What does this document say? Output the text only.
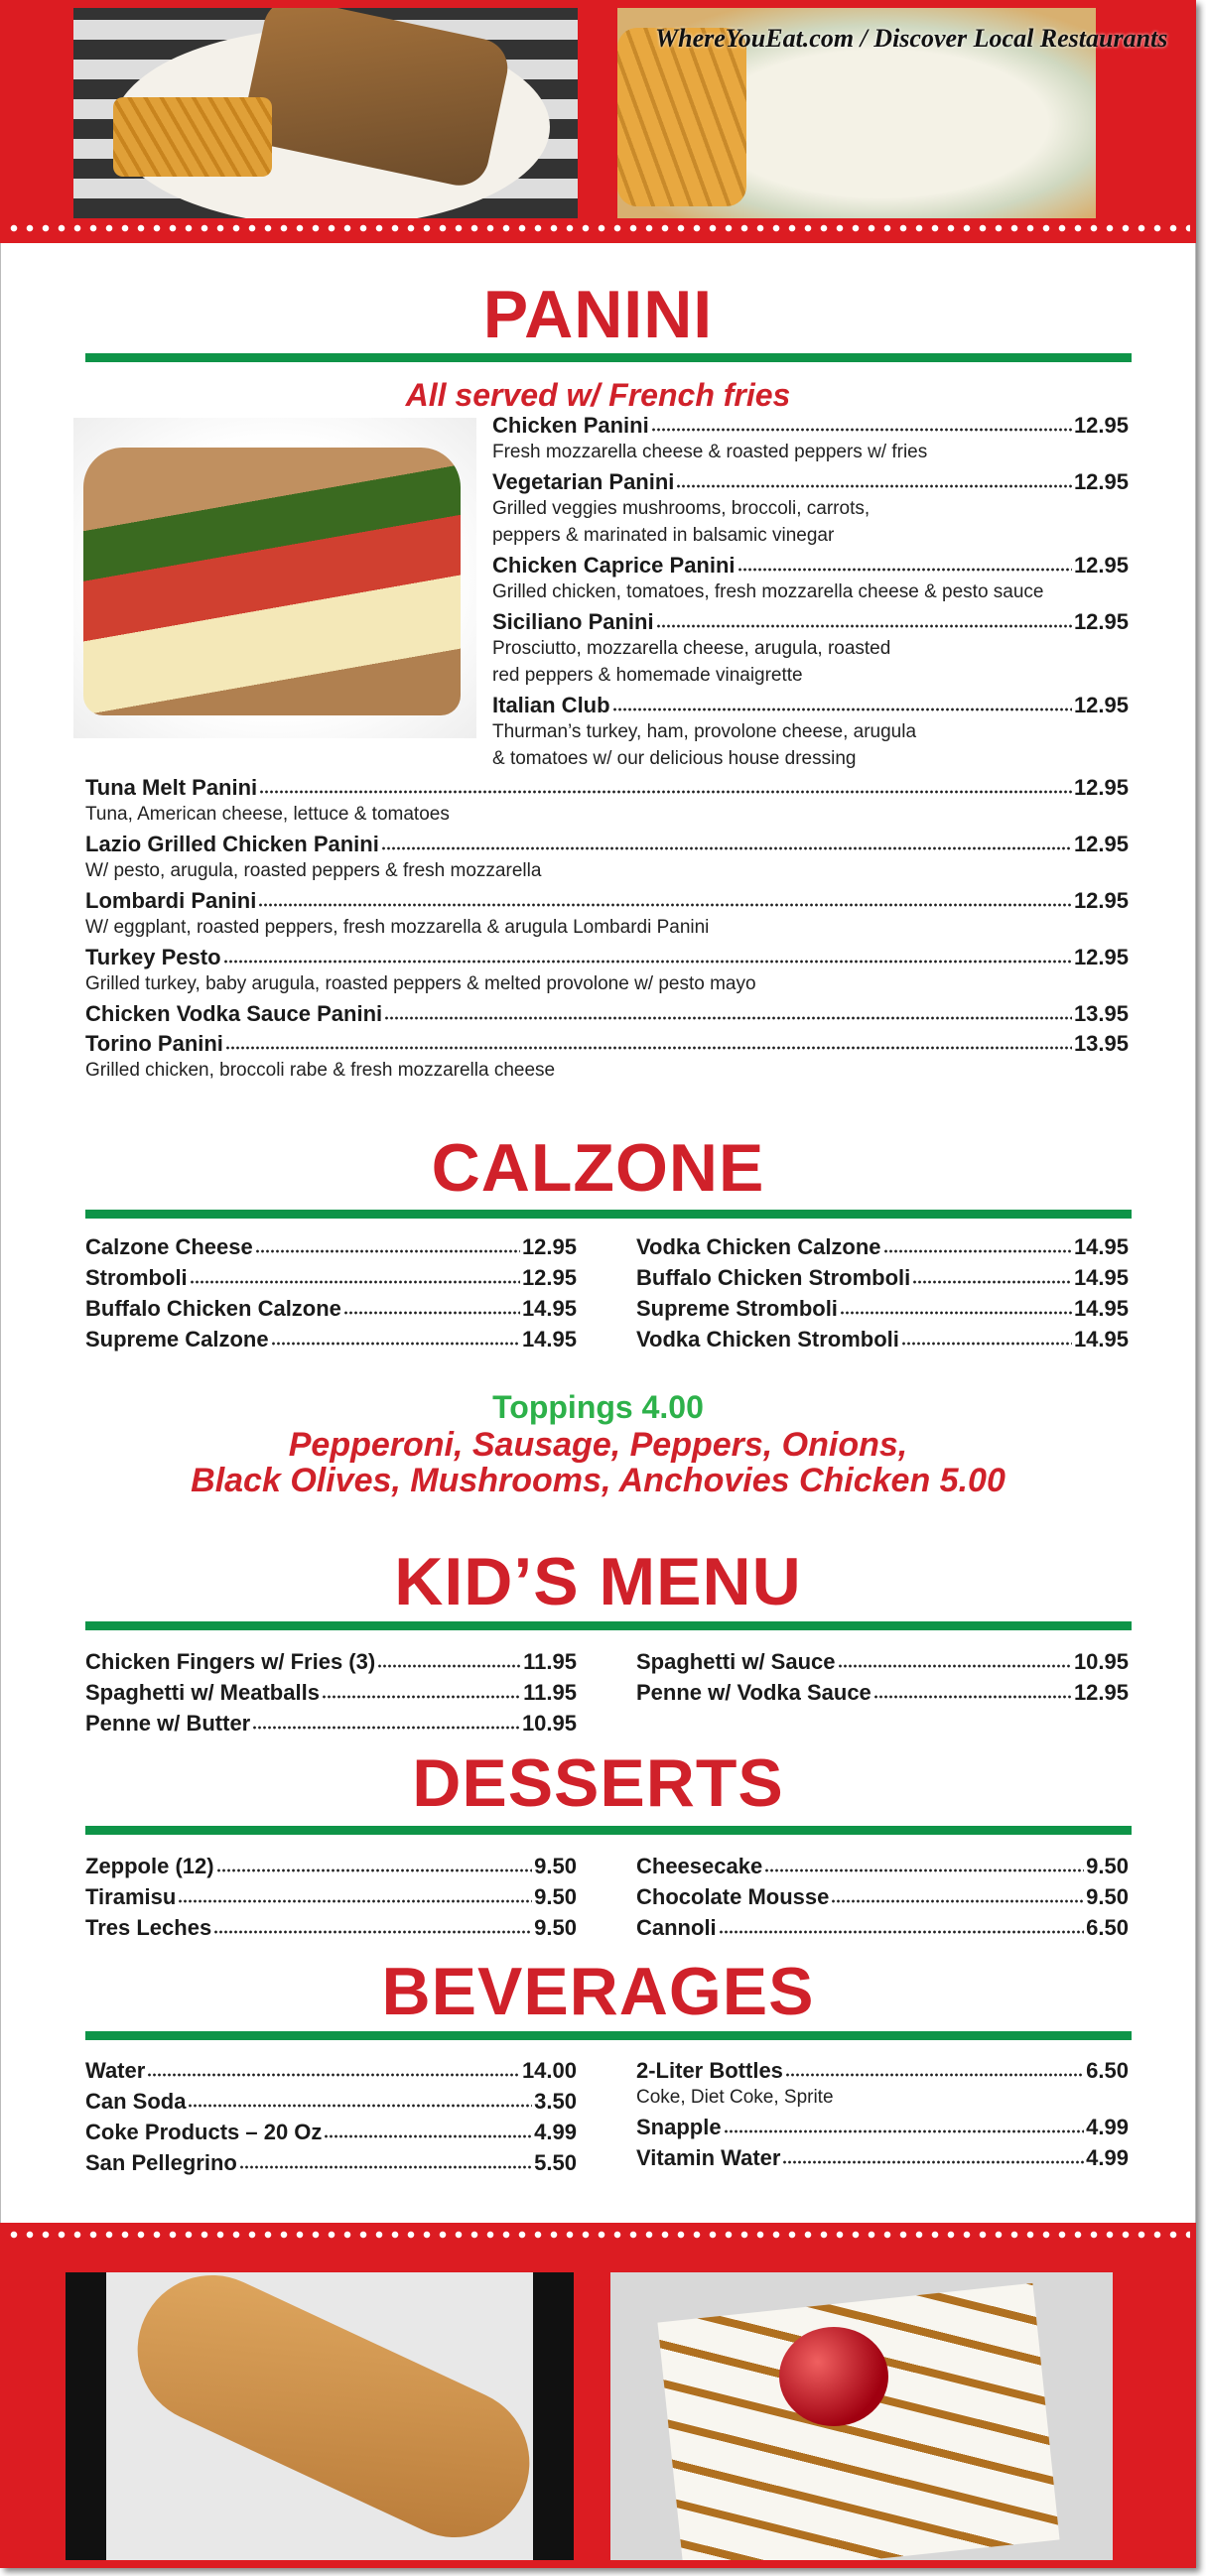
WhereYouEat.com / Discover Local Restaurants
PANINI
All served w/ French fries
Chicken Panini	12.95
Fresh mozzarella cheese & roasted peppers w/ fries
Vegetarian Panini	12.95
Grilled veggies mushrooms, broccoli, carrots,
peppers & marinated in balsamic vinegar
Chicken Caprice Panini	12.95
Grilled chicken, tomatoes, fresh mozzarella cheese & pesto sauce
Siciliano Panini	12.95
Prosciutto, mozzarella cheese, arugula, roasted
red peppers & homemade vinaigrette
Italian Club	12.95
Thurman’s turkey, ham, provolone cheese, arugula
& tomatoes w/ our delicious house dressing
Tuna Melt Panini	12.95
Tuna, American cheese, lettuce & tomatoes
Lazio Grilled Chicken Panini	12.95
W/ pesto, arugula, roasted peppers & fresh mozzarella
Lombardi Panini	12.95
W/ eggplant, roasted peppers, fresh mozzarella & arugula Lombardi Panini
Turkey Pesto	12.95
Grilled turkey, baby arugula, roasted peppers & melted provolone w/ pesto mayo
Chicken Vodka Sauce Panini	13.95
Torino Panini	13.95
Grilled chicken, broccoli rabe & fresh mozzarella cheese
CALZONE
Calzone Cheese	12.95
Stromboli	12.95
Buffalo Chicken Calzone	14.95
Supreme Calzone	14.95
Vodka Chicken Calzone	14.95
Buffalo Chicken Stromboli	14.95
Supreme Stromboli	14.95
Vodka Chicken Stromboli	14.95
Toppings 4.00
Pepperoni, Sausage, Peppers, Onions,
Black Olives, Mushrooms, Anchovies Chicken 5.00
KID’S MENU
Chicken Fingers w/ Fries (3)	11.95
Spaghetti w/ Meatballs	11.95
Penne w/ Butter	10.95
Spaghetti w/ Sauce	10.95
Penne w/ Vodka Sauce	12.95
DESSERTS
Zeppole (12)	9.50
Tiramisu	9.50
Tres Leches	9.50
Cheesecake	9.50
Chocolate Mousse	9.50
Cannoli	6.50
BEVERAGES
Water	14.00
Can Soda	3.50
Coke Products – 20 Oz	4.99
San Pellegrino	5.50
2-Liter Bottles	6.50
Coke, Diet Coke, Sprite
Snapple	4.99
Vitamin Water	4.99
